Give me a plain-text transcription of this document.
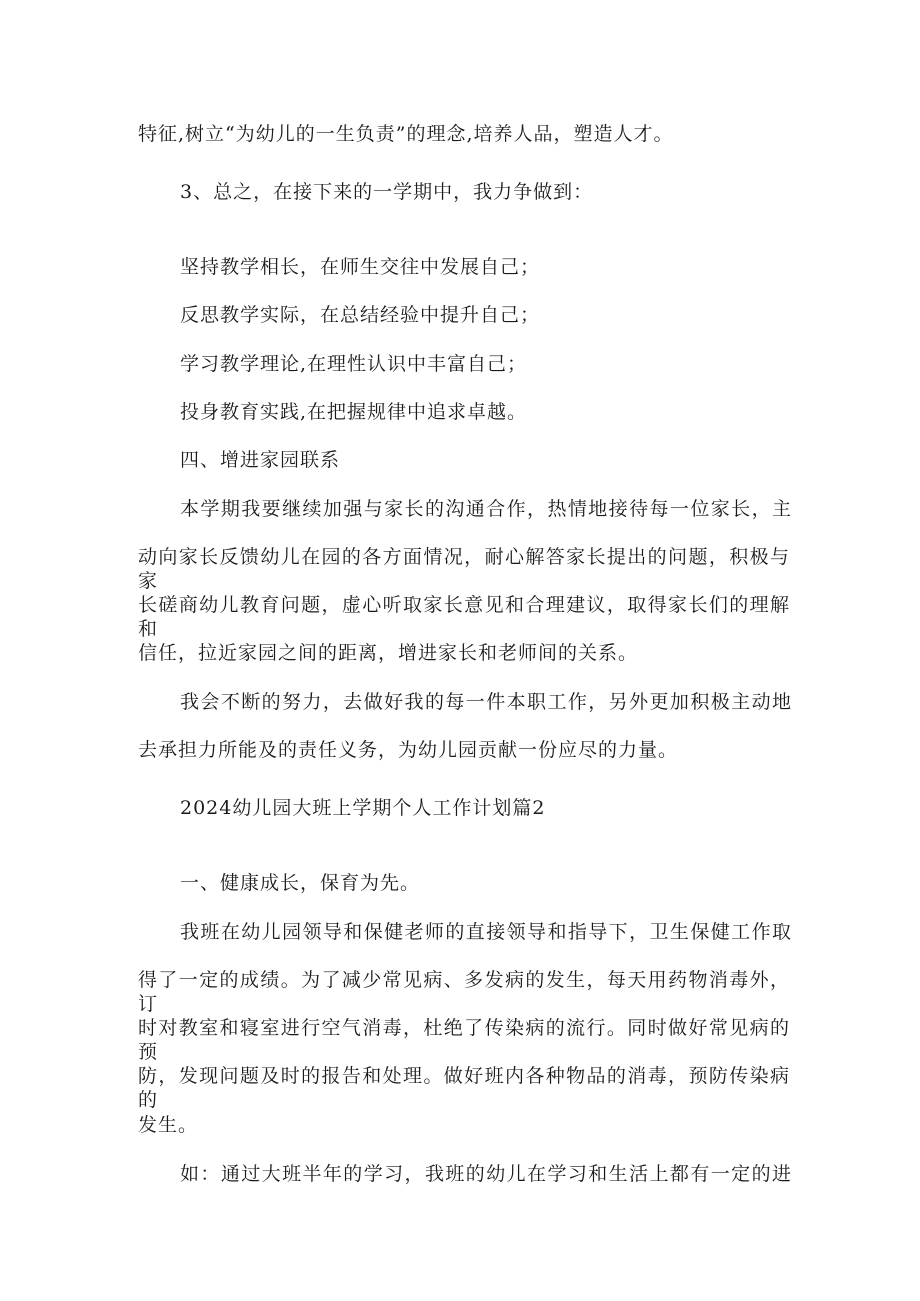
特征,树立“为幼儿的一生负责”的理念,培养人品，塑造人才。
3、总之，在接下来的一学期中，我力争做到：
坚持教学相长，在师生交往中发展自己；
反思教学实际，在总结经验中提升自己；
学习教学理论,在理性认识中丰富自己；
投身教育实践,在把握规律中追求卓越。
四、增进家园联系
本学期我要继续加强与家长的沟通合作，热情地接待每一位家长，主
动向家长反馈幼儿在园的各方面情况，耐心解答家长提出的问题，积极与家
长磋商幼儿教育问题，虚心听取家长意见和合理建议，取得家长们的理解和
信任，拉近家园之间的距离，增进家长和老师间的关系。
我会不断的努力，去做好我的每一件本职工作，另外更加积极主动地
去承担力所能及的责任义务，为幼儿园贡献一份应尽的力量。
2024幼儿园大班上学期个人工作计划篇2
一、健康成长，保育为先。
我班在幼儿园领导和保健老师的直接领导和指导下，卫生保健工作取
得了一定的成绩。为了减少常见病、多发病的发生，每天用药物消毒外，订
时对教室和寝室进行空气消毒，杜绝了传染病的流行。同时做好常见病的预
防，发现问题及时的报告和处理。做好班内各种物品的消毒，预防传染病的
发生。
如：通过大班半年的学习，我班的幼儿在学习和生活上都有一定的进
